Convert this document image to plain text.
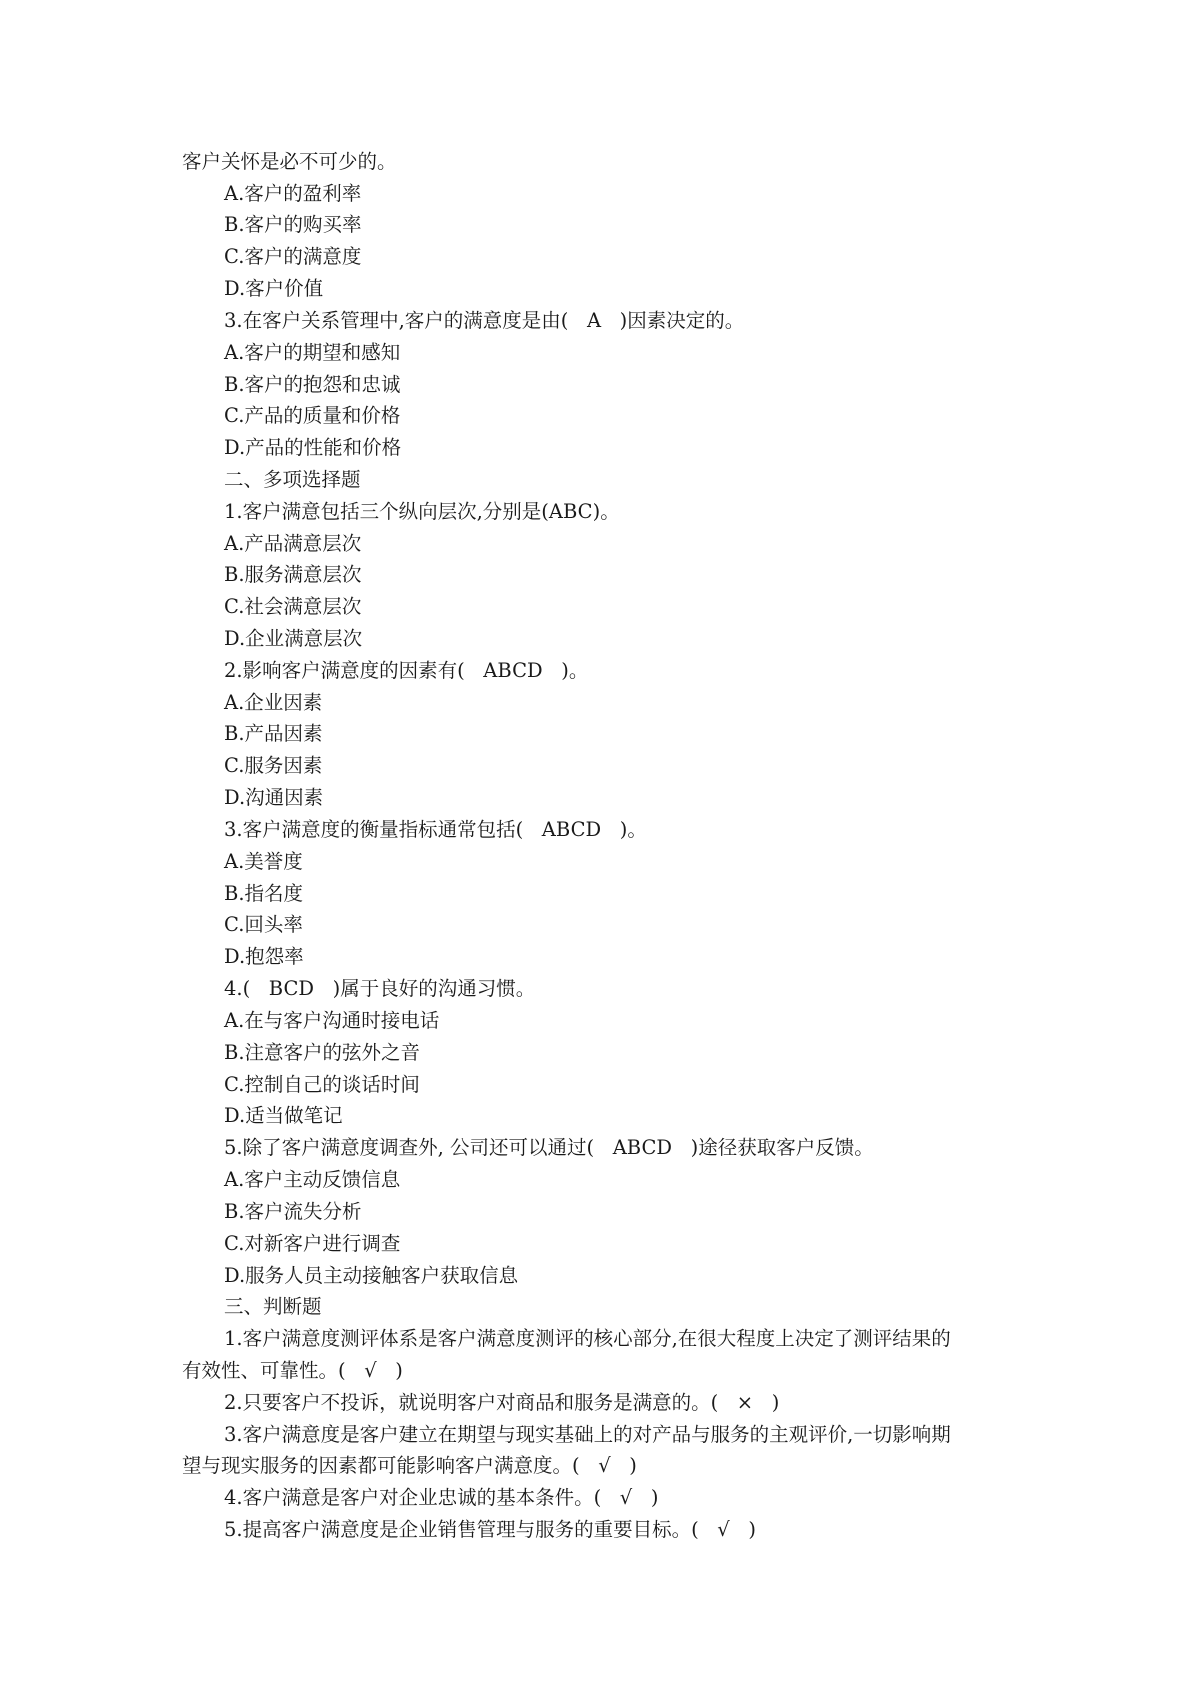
客户关怀是必不可少的。
A.客户的盈利率
B.客户的购买率
C.客户的满意度
D.客户价值
3.在客户关系管理中,客户的满意度是由(   A   )因素决定的。
A.客户的期望和感知
B.客户的抱怨和忠诚
C.产品的质量和价格
D.产品的性能和价格
二、多项选择题
1.客户满意包括三个纵向层次,分别是(ABC)。
A.产品满意层次
B.服务满意层次
C.社会满意层次
D.企业满意层次
2.影响客户满意度的因素有(   ABCD   )。
A.企业因素
B.产品因素
C.服务因素
D.沟通因素
3.客户满意度的衡量指标通常包括(   ABCD   )。
A.美誉度
B.指名度
C.回头率
D.抱怨率
4.(   BCD   )属于良好的沟通习惯。
A.在与客户沟通时接电话
B.注意客户的弦外之音
C.控制自己的谈话时间
D.适当做笔记
5.除了客户满意度调查外, 公司还可以通过(   ABCD   )途径获取客户反馈。
A.客户主动反馈信息
B.客户流失分析
C.对新客户进行调查
D.服务人员主动接触客户获取信息
三、判断题
1.客户满意度测评体系是客户满意度测评的核心部分,在很大程度上决定了测评结果的
有效性、可靠性。(   √   )
2.只要客户不投诉，就说明客户对商品和服务是满意的。(   ×   )
3.客户满意度是客户建立在期望与现实基础上的对产品与服务的主观评价,一切影响期
望与现实服务的因素都可能影响客户满意度。(   √   )
4.客户满意是客户对企业忠诚的基本条件。(   √   )
5.提高客户满意度是企业销售管理与服务的重要目标。(   √   )
